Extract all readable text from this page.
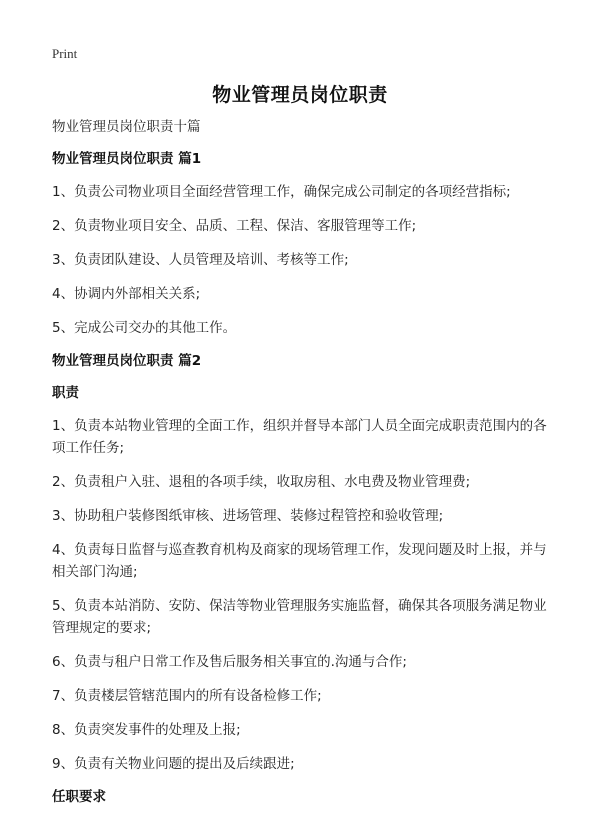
Print
物业管理员岗位职责
物业管理员岗位职责十篇
物业管理员岗位职责 篇1
1、负责公司物业项目全面经营管理工作，确保完成公司制定的各项经营指标;
2、负责物业项目安全、品质、工程、保洁、客服管理等工作;
3、负责团队建设、人员管理及培训、考核等工作;
4、协调内外部相关关系;
5、完成公司交办的其他工作。
物业管理员岗位职责 篇2
职责
1、负责本站物业管理的全面工作，组织并督导本部门人员全面完成职责范围内的各项工作任务;
2、负责租户入驻、退租的各项手续，收取房租、水电费及物业管理费;
3、协助租户装修图纸审核、进场管理、装修过程管控和验收管理;
4、负责每日监督与巡查教育机构及商家的现场管理工作，发现问题及时上报，并与相关部门沟通;
5、负责本站消防、安防、保洁等物业管理服务实施监督，确保其各项服务满足物业管理规定的要求;
6、负责与租户日常工作及售后服务相关事宜的.沟通与合作;
7、负责楼层管辖范围内的所有设备检修工作;
8、负责突发事件的处理及上报;
9、负责有关物业问题的提出及后续跟进;
任职要求
